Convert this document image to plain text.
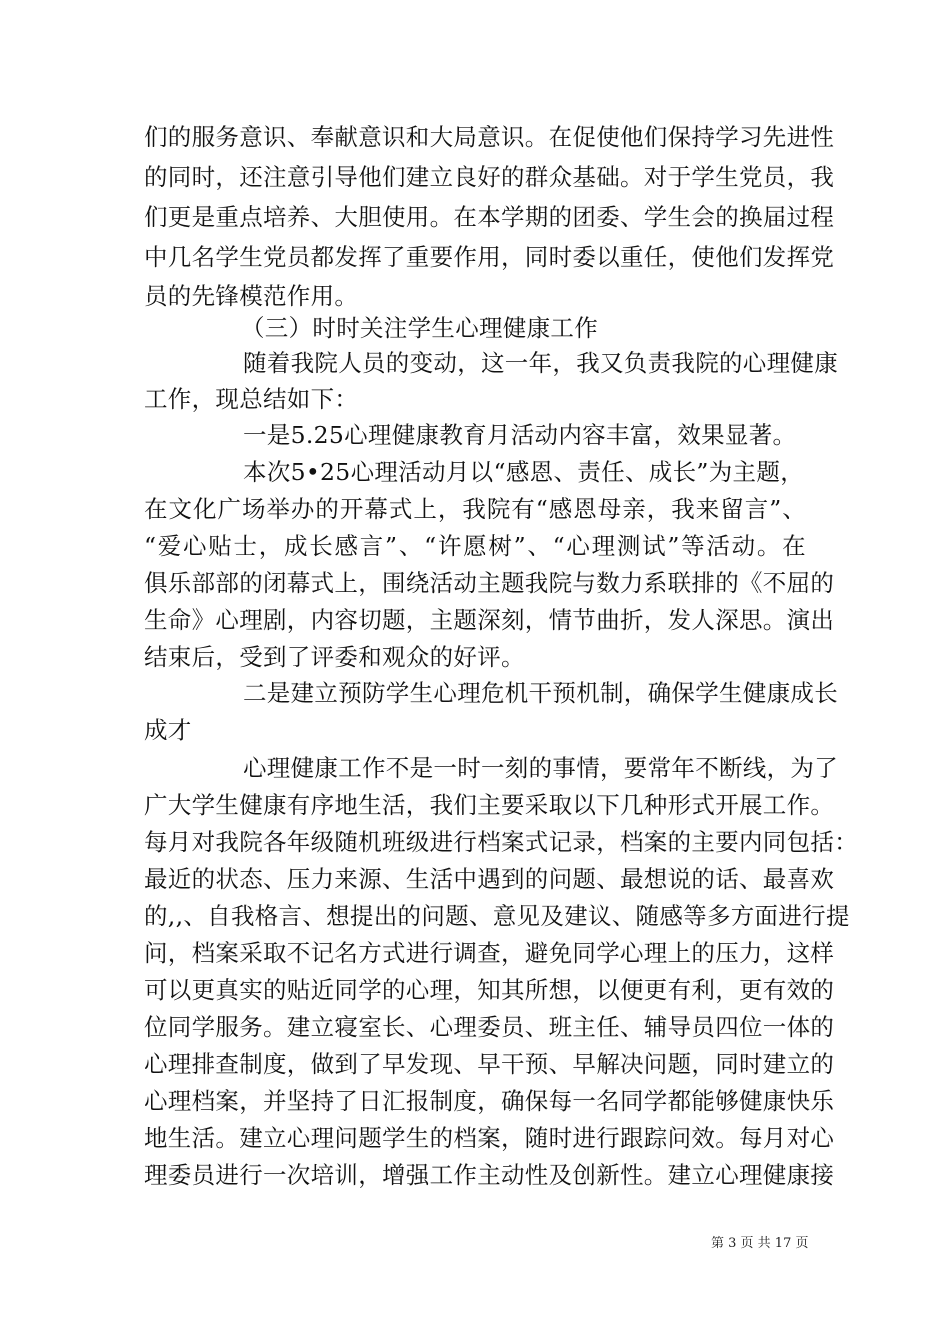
们的服务意识、奉献意识和大局意识。在促使他们保持学习先进性
的同时，还注意引导他们建立良好的群众基础。对于学生党员，我
们更是重点培养、大胆使用。在本学期的团委、学生会的换届过程
中几名学生党员都发挥了重要作用，同时委以重任，使他们发挥党
员的先锋模范作用。
（三）时时关注学生心理健康工作
随着我院人员的变动，这一年，我又负责我院的心理健康
工作，现总结如下：
一是5.25心理健康教育月活动内容丰富，效果显著。
本次5•25心理活动月以“感恩、责任、成长”为主题，
在文化广场举办的开幕式上，我院有“感恩母亲，我来留言”、
“爱心贴士，成长感言”、“许愿树”、“心理测试”等活动。在
俱乐部部的闭幕式上，围绕活动主题我院与数力系联排的《不屈的
生命》心理剧，内容切题，主题深刻，情节曲折，发人深思。演出
结束后，受到了评委和观众的好评。
二是建立预防学生心理危机干预机制，确保学生健康成长
成才
心理健康工作不是一时一刻的事情，要常年不断线，为了
广大学生健康有序地生活，我们主要采取以下几种形式开展工作。
每月对我院各年级随机班级进行档案式记录，档案的主要内同包括：
最近的状态、压力来源、生活中遇到的问题、最想说的话、最喜欢
的,,、自我格言、想提出的问题、意见及建议、随感等多方面进行提
问，档案采取不记名方式进行调查，避免同学心理上的压力，这样
可以更真实的贴近同学的心理，知其所想，以便更有利，更有效的
位同学服务。建立寝室长、心理委员、班主任、辅导员四位一体的
心理排查制度，做到了早发现、早干预、早解决问题，同时建立的
心理档案，并坚持了日汇报制度，确保每一名同学都能够健康快乐
地生活。建立心理问题学生的档案，随时进行跟踪问效。每月对心
理委员进行一次培训，增强工作主动性及创新性。建立心理健康接
第 3 页 共 17 页
